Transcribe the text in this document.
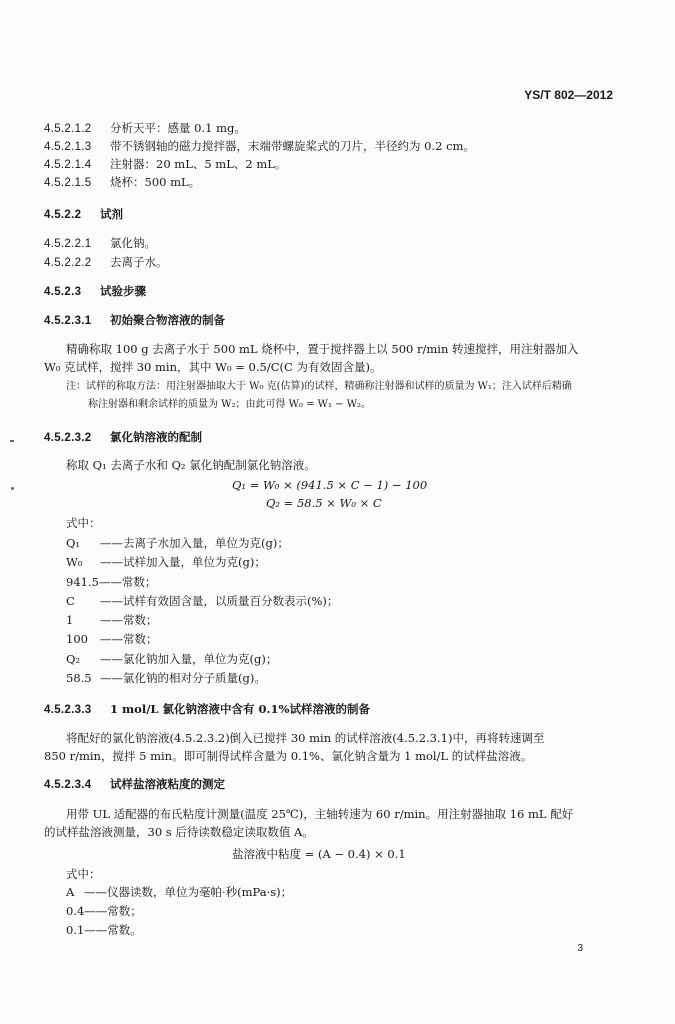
YS/T 802—2012
4.5.2.1.2 分析天平：感量 0.1 mg。
4.5.2.1.3 带不锈钢轴的磁力搅拌器，末端带螺旋桨式的刀片，半径约为 0.2 cm。
4.5.2.1.4 注射器：20 mL、5 mL、2 mL。
4.5.2.1.5 烧杯：500 mL。
4.5.2.2 试剂
4.5.2.2.1 氯化钠。
4.5.2.2.2 去离子水。
4.5.2.3 试验步骤
4.5.2.3.1 初始聚合物溶液的制备
精确称取 100 g 去离子水于 500 mL 烧杯中，置于搅拌器上以 500 r/min 转速搅拌，用注射器加入
W₀ 克试样，搅拌 30 min，其中 W₀ = 0.5/C(C 为有效固含量)。
注：试样的称取方法：用注射器抽取大于 W₀ 克(估算)的试样，精确称注射器和试样的质量为 W₁；注入试样后精确
称注射器和剩余试样的质量为 W₂；由此可得 W₀ = W₁ − W₂。
4.5.2.3.2 氯化钠溶液的配制
称取 Q₁ 去离子水和 Q₂ 氯化钠配制氯化钠溶液。
Q₁ = W₀ × (941.5 × C − 1) − 100
Q₂ = 58.5 × W₀ × C
式中：
Q₁ ——去离子水加入量，单位为克(g)；
W₀ ——试样加入量，单位为克(g)；
941.5——常数；
C ——试样有效固含量，以质量百分数表示(%)；
1 ——常数；
100 ——常数；
Q₂ ——氯化钠加入量，单位为克(g)；
58.5 ——氯化钠的相对分子质量(g)。
4.5.2.3.3 1 mol/L 氯化钠溶液中含有 0.1%试样溶液的制备
将配好的氯化钠溶液(4.5.2.3.2)倒入已搅拌 30 min 的试样溶液(4.5.2.3.1)中，再将转速调至
850 r/min，搅拌 5 min。即可制得试样含量为 0.1%、氯化钠含量为 1 mol/L 的试样盐溶液。
4.5.2.3.4 试样盐溶液粘度的测定
用带 UL 适配器的布氏粘度计测量(温度 25℃)，主轴转速为 60 r/min。用注射器抽取 16 mL 配好
的试样盐溶液测量，30 s 后待读数稳定读取数值 A。
盐溶液中粘度 = (A − 0.4) × 0.1
式中：
A ——仪器读数，单位为毫帕·秒(mPa·s)；
0.4——常数；
0.1——常数。
3
